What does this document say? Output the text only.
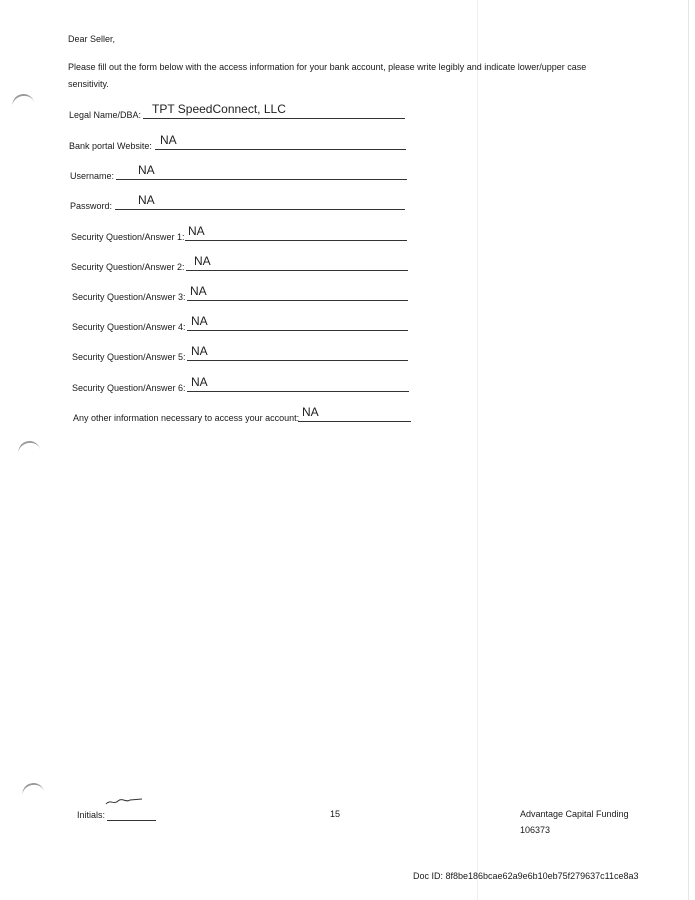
Dear Seller,
Please fill out the form below with the access information for your bank account, please write legibly and indicate lower/upper case sensitivity.
Legal Name/DBA: TPT SpeedConnect, LLC
Bank portal Website: NA
Username: NA
Password: NA
Security Question/Answer 1: NA
Security Question/Answer 2: NA
Security Question/Answer 3: NA
Security Question/Answer 4: NA
Security Question/Answer 5: NA
Security Question/Answer 6: NA
Any other information necessary to access your account: NA
Initials:	15	Advantage Capital Funding
106373
Doc ID: 8f8be186bcae62a9e6b10eb75f279637c11ce8a3
